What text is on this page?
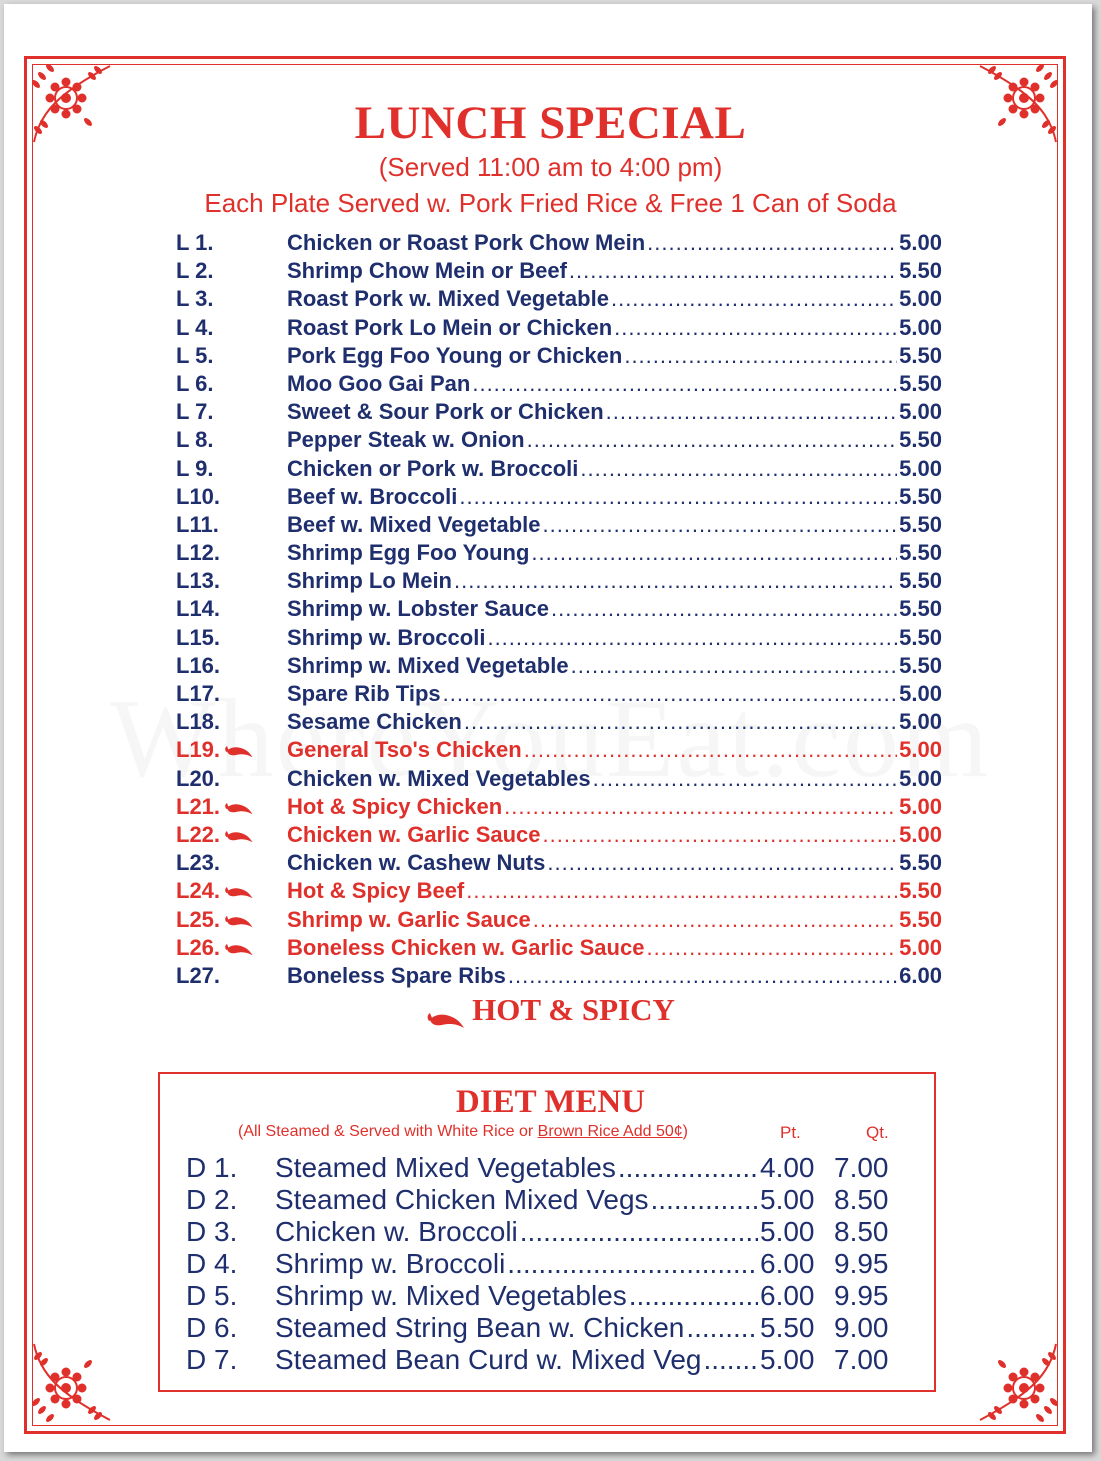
LUNCH SPECIAL
(Served 11:00 am to 4:00 pm)
Each Plate Served w. Pork Fried Rice & Free 1 Can of Soda
L 1.	Chicken or Roast Pork Chow Mein .....	5.00
L 2.	Shrimp Chow Mein or Beef .....	5.50
L 3.	Roast Pork w. Mixed Vegetable .....	5.00
L 4.	Roast Pork Lo Mein or Chicken .....	5.00
L 5.	Pork Egg Foo Young or Chicken .....	5.50
L 6.	Moo Goo Gai Pan .....	5.50
L 7.	Sweet & Sour Pork or Chicken .....	5.00
L 8.	Pepper Steak w. Onion .....	5.50
L 9.	Chicken or Pork w. Broccoli .....	5.00
L10.	Beef w. Broccoli .....	5.50
L11.	Beef w. Mixed Vegetable .....	5.50
L12.	Shrimp Egg Foo Young .....	5.50
L13.	Shrimp Lo Mein .....	5.50
L14.	Shrimp w. Lobster Sauce .....	5.50
L15.	Shrimp w. Broccoli .....	5.50
L16.	Shrimp w. Mixed Vegetable .....	5.50
L17.	Spare Rib Tips .....	5.00
L18.	Sesame Chicken .....	5.00
L19.	General Tso's Chicken .....	5.00
L20.	Chicken w. Mixed Vegetables .....	5.00
L21.	Hot & Spicy Chicken .....	5.00
L22.	Chicken w. Garlic Sauce .....	5.00
L23.	Chicken w. Cashew Nuts .....	5.50
L24.	Hot & Spicy Beef .....	5.50
L25.	Shrimp w. Garlic Sauce .....	5.50
L26.	Boneless Chicken w. Garlic Sauce .....	5.00
L27.	Boneless Spare Ribs .....	6.00
HOT & SPICY
DIET MENU
(All Steamed & Served with White Rice or Brown Rice Add 50¢)	Pt.	Qt.
D 1.	Steamed Mixed Vegetables .....	4.00 7.00
D 2.	Steamed Chicken Mixed Vegs .....	5.00 8.50
D 3.	Chicken w. Broccoli .....	5.00 8.50
D 4.	Shrimp w. Broccoli .....	6.00 9.95
D 5.	Shrimp w. Mixed Vegetables .....	6.00 9.95
D 6.	Steamed String Bean w. Chicken .....	5.50 9.00
D 7.	Steamed Bean Curd w. Mixed Veg ..... 5.00 7.00
